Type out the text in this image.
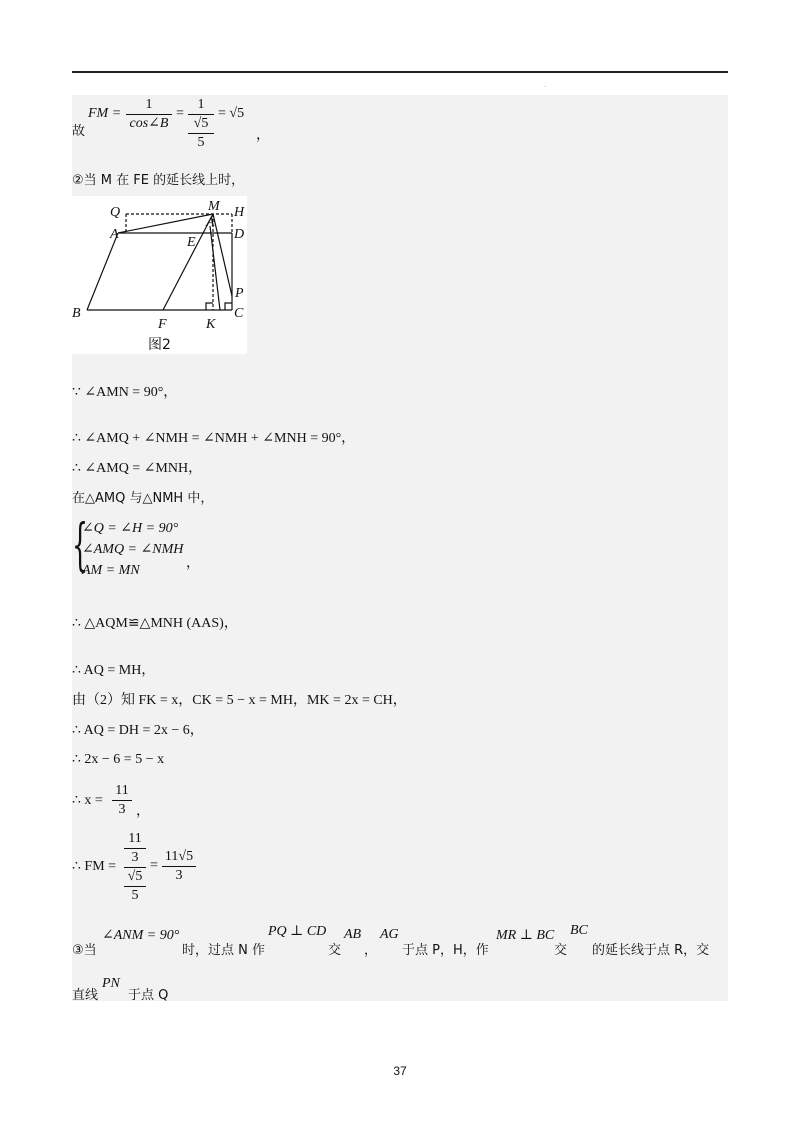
·
故
FM = $\frac{1}{\cos\angle B}$ =
1
√5
5
= √5
，
②当 M 在 FE 的延长线上时，
Q	M H
A
E
A
D
B
F	K
C
P
图2
∵ ∠AMN = 90°，
∴ ∠AMQ + ∠NMH = ∠NMH + ∠MNH = 90°，
∴ ∠AMQ = ∠MNH，
在△AMQ 与△NMH 中，
{
∠Q = ∠H = 90°
∠AMQ = ∠NMH
AM = MN	，
∴ △AQM≌△MNH (AAS)，
∴ AQ = MH，
由（2）知 FK = x，CK = 5 − x = MH，MK = 2x = CH，
∴ AQ = DH = 2x − 6，
∴ 2x − 6 = 5 − x
∴ $x = \frac{11}{3}$ ，
∴ FM =
11
3
√5
5
= $\frac{11√5}{3}$
③当
∠ANM = 90°
时，过点 N 作
PQ ⊥ CD
交
AB
，
AG
于点 P，H，作
MR ⊥ BC
交
BC
的延长线于点 R，交
直线
PN
于点 Q
37
